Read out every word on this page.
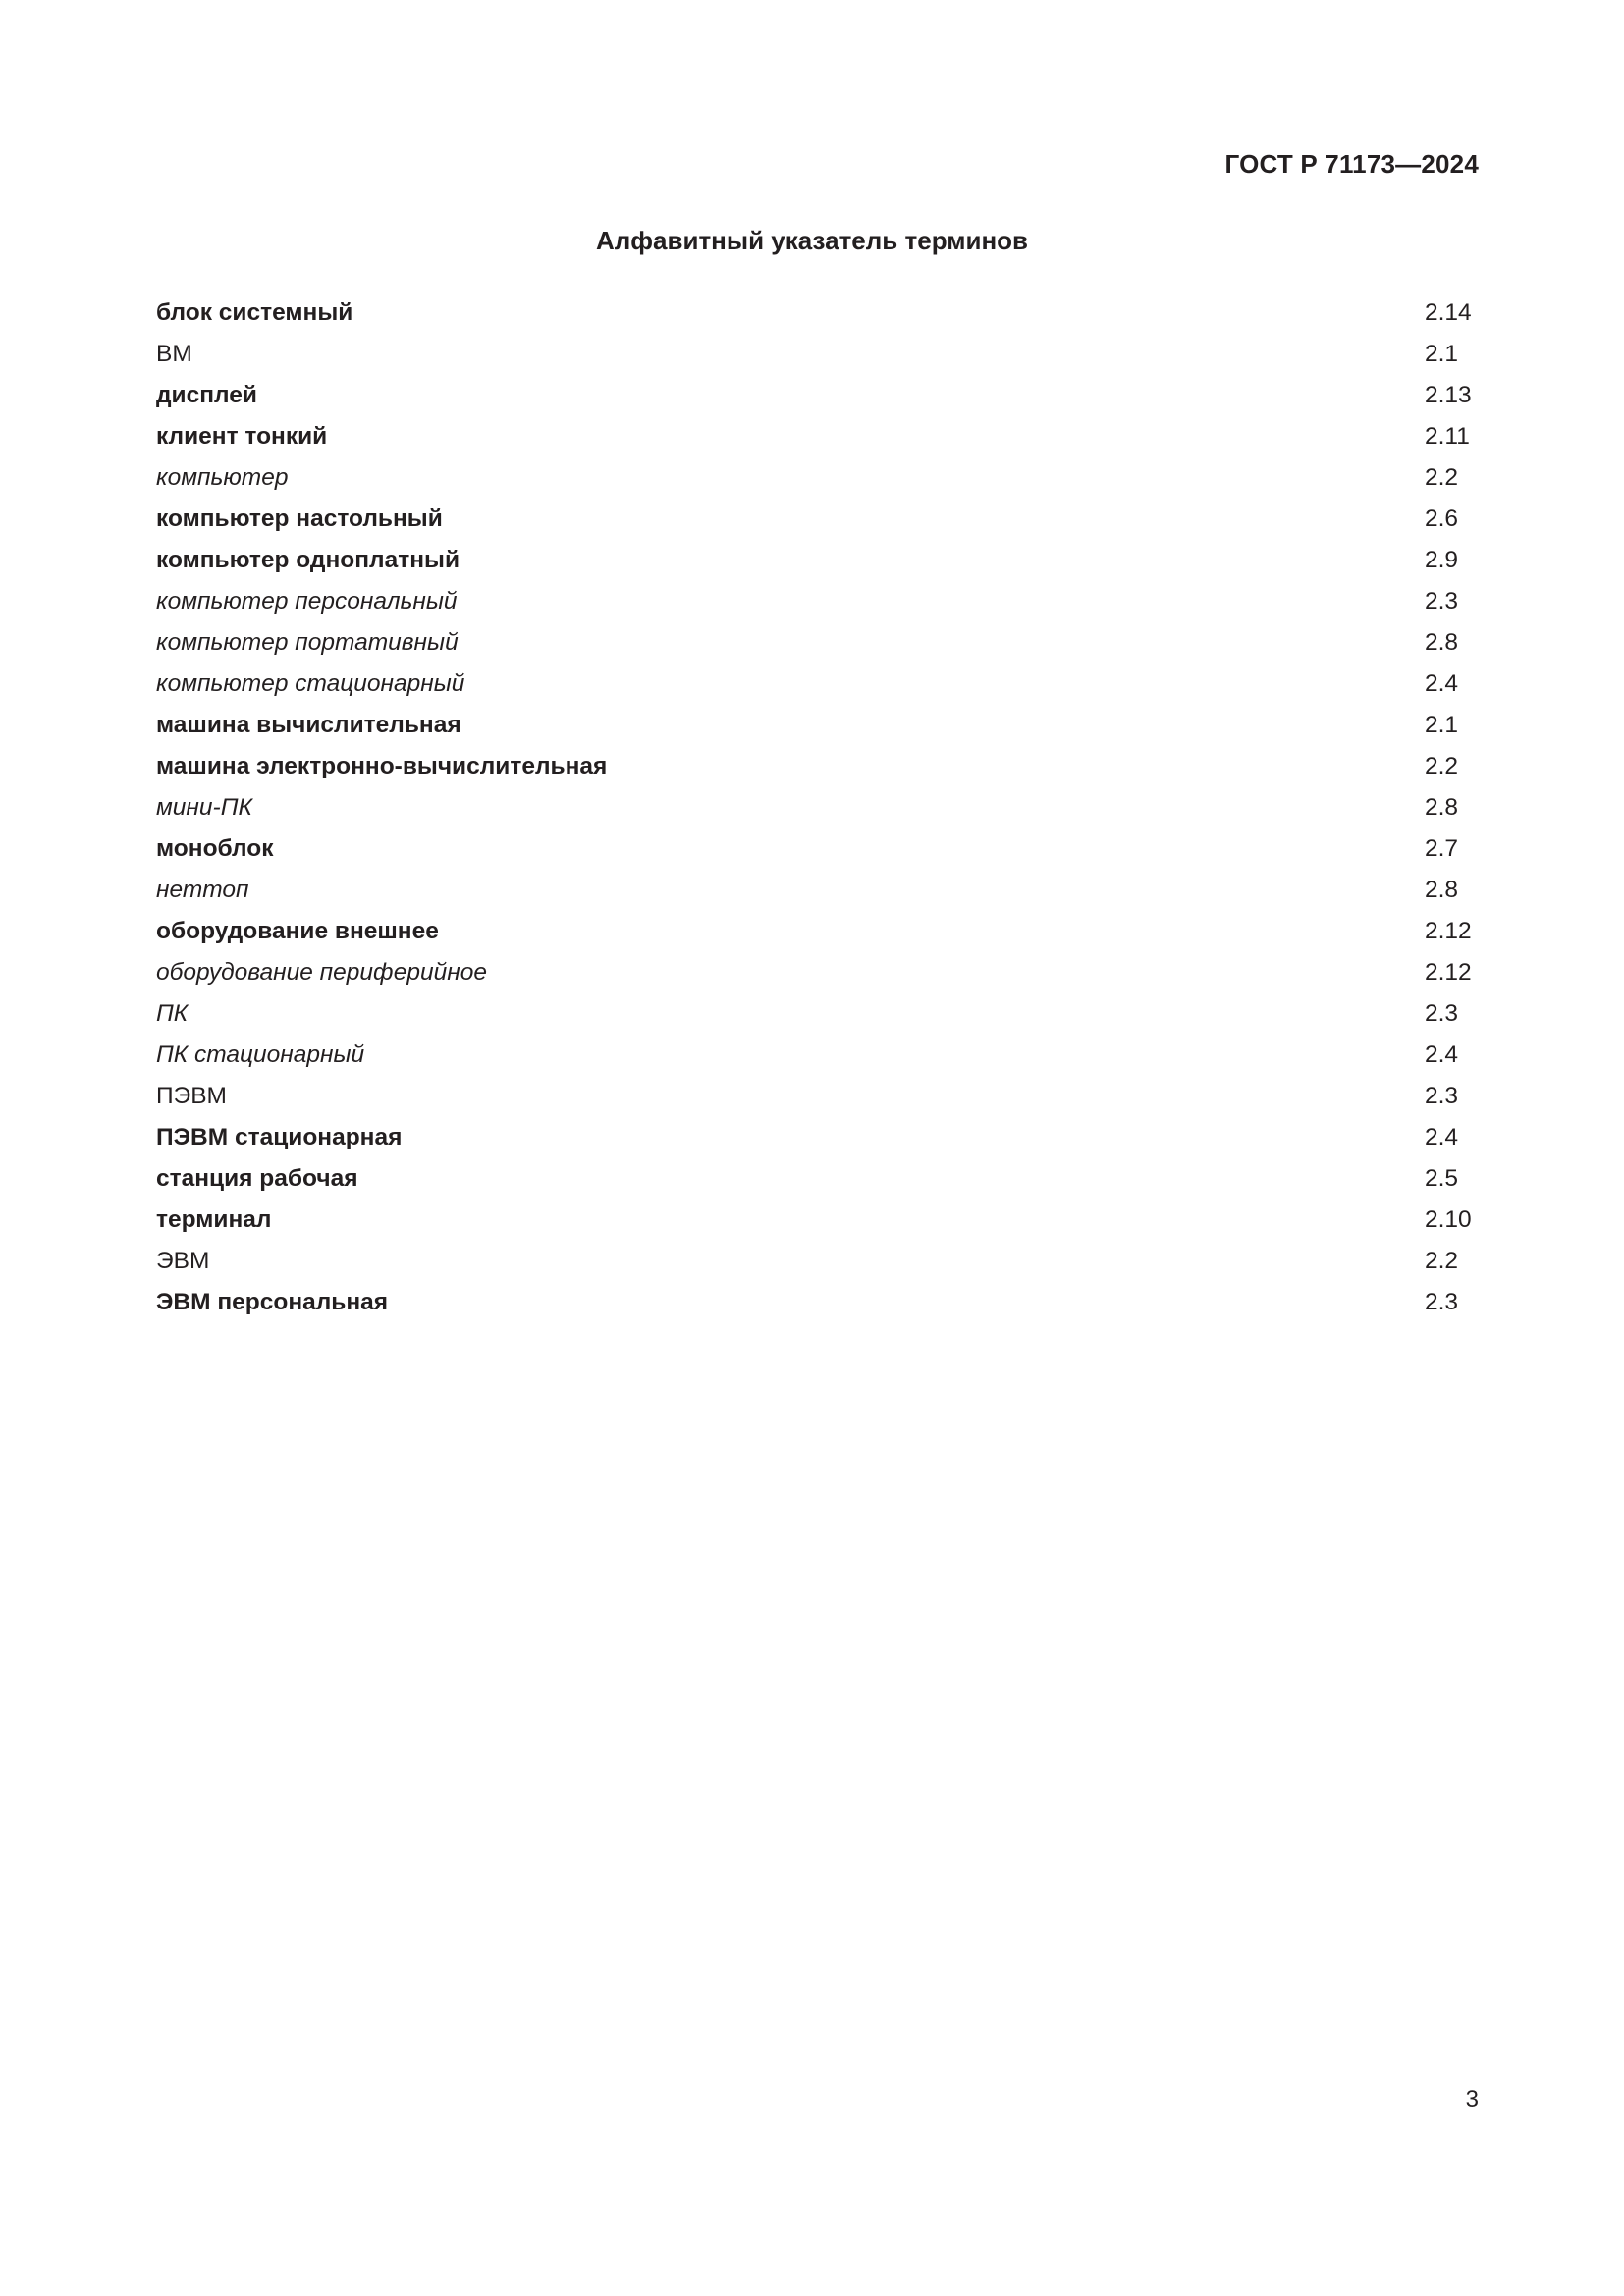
ГОСТ Р 71173—2024
Алфавитный указатель терминов
блок системный	2.14
ВМ	2.1
дисплей	2.13
клиент тонкий	2.11
компьютер	2.2
компьютер настольный	2.6
компьютер одноплатный	2.9
компьютер персональный	2.3
компьютер портативный	2.8
компьютер стационарный	2.4
машина вычислительная	2.1
машина электронно-вычислительная	2.2
мини-ПК	2.8
моноблок	2.7
неттоп	2.8
оборудование внешнее	2.12
оборудование периферийное	2.12
ПК	2.3
ПК стационарный	2.4
ПЭВМ	2.3
ПЭВМ стационарная	2.4
станция рабочая	2.5
терминал	2.10
ЭВМ	2.2
ЭВМ персональная	2.3
3
